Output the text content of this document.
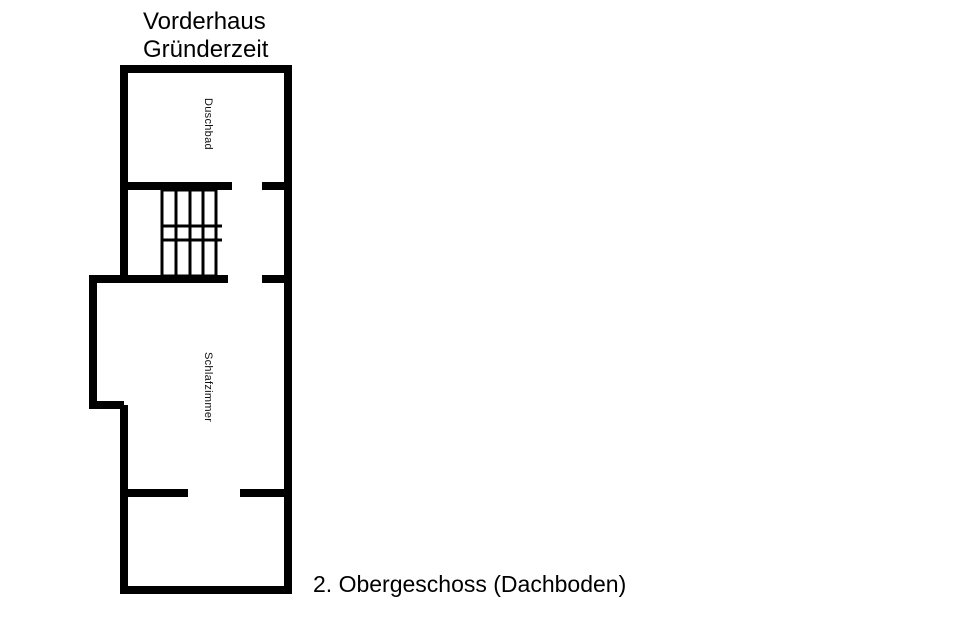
Vorderhaus
Gründerzeit
Duschbad
Schlafzimmer
2. Obergeschoss (Dachboden)
